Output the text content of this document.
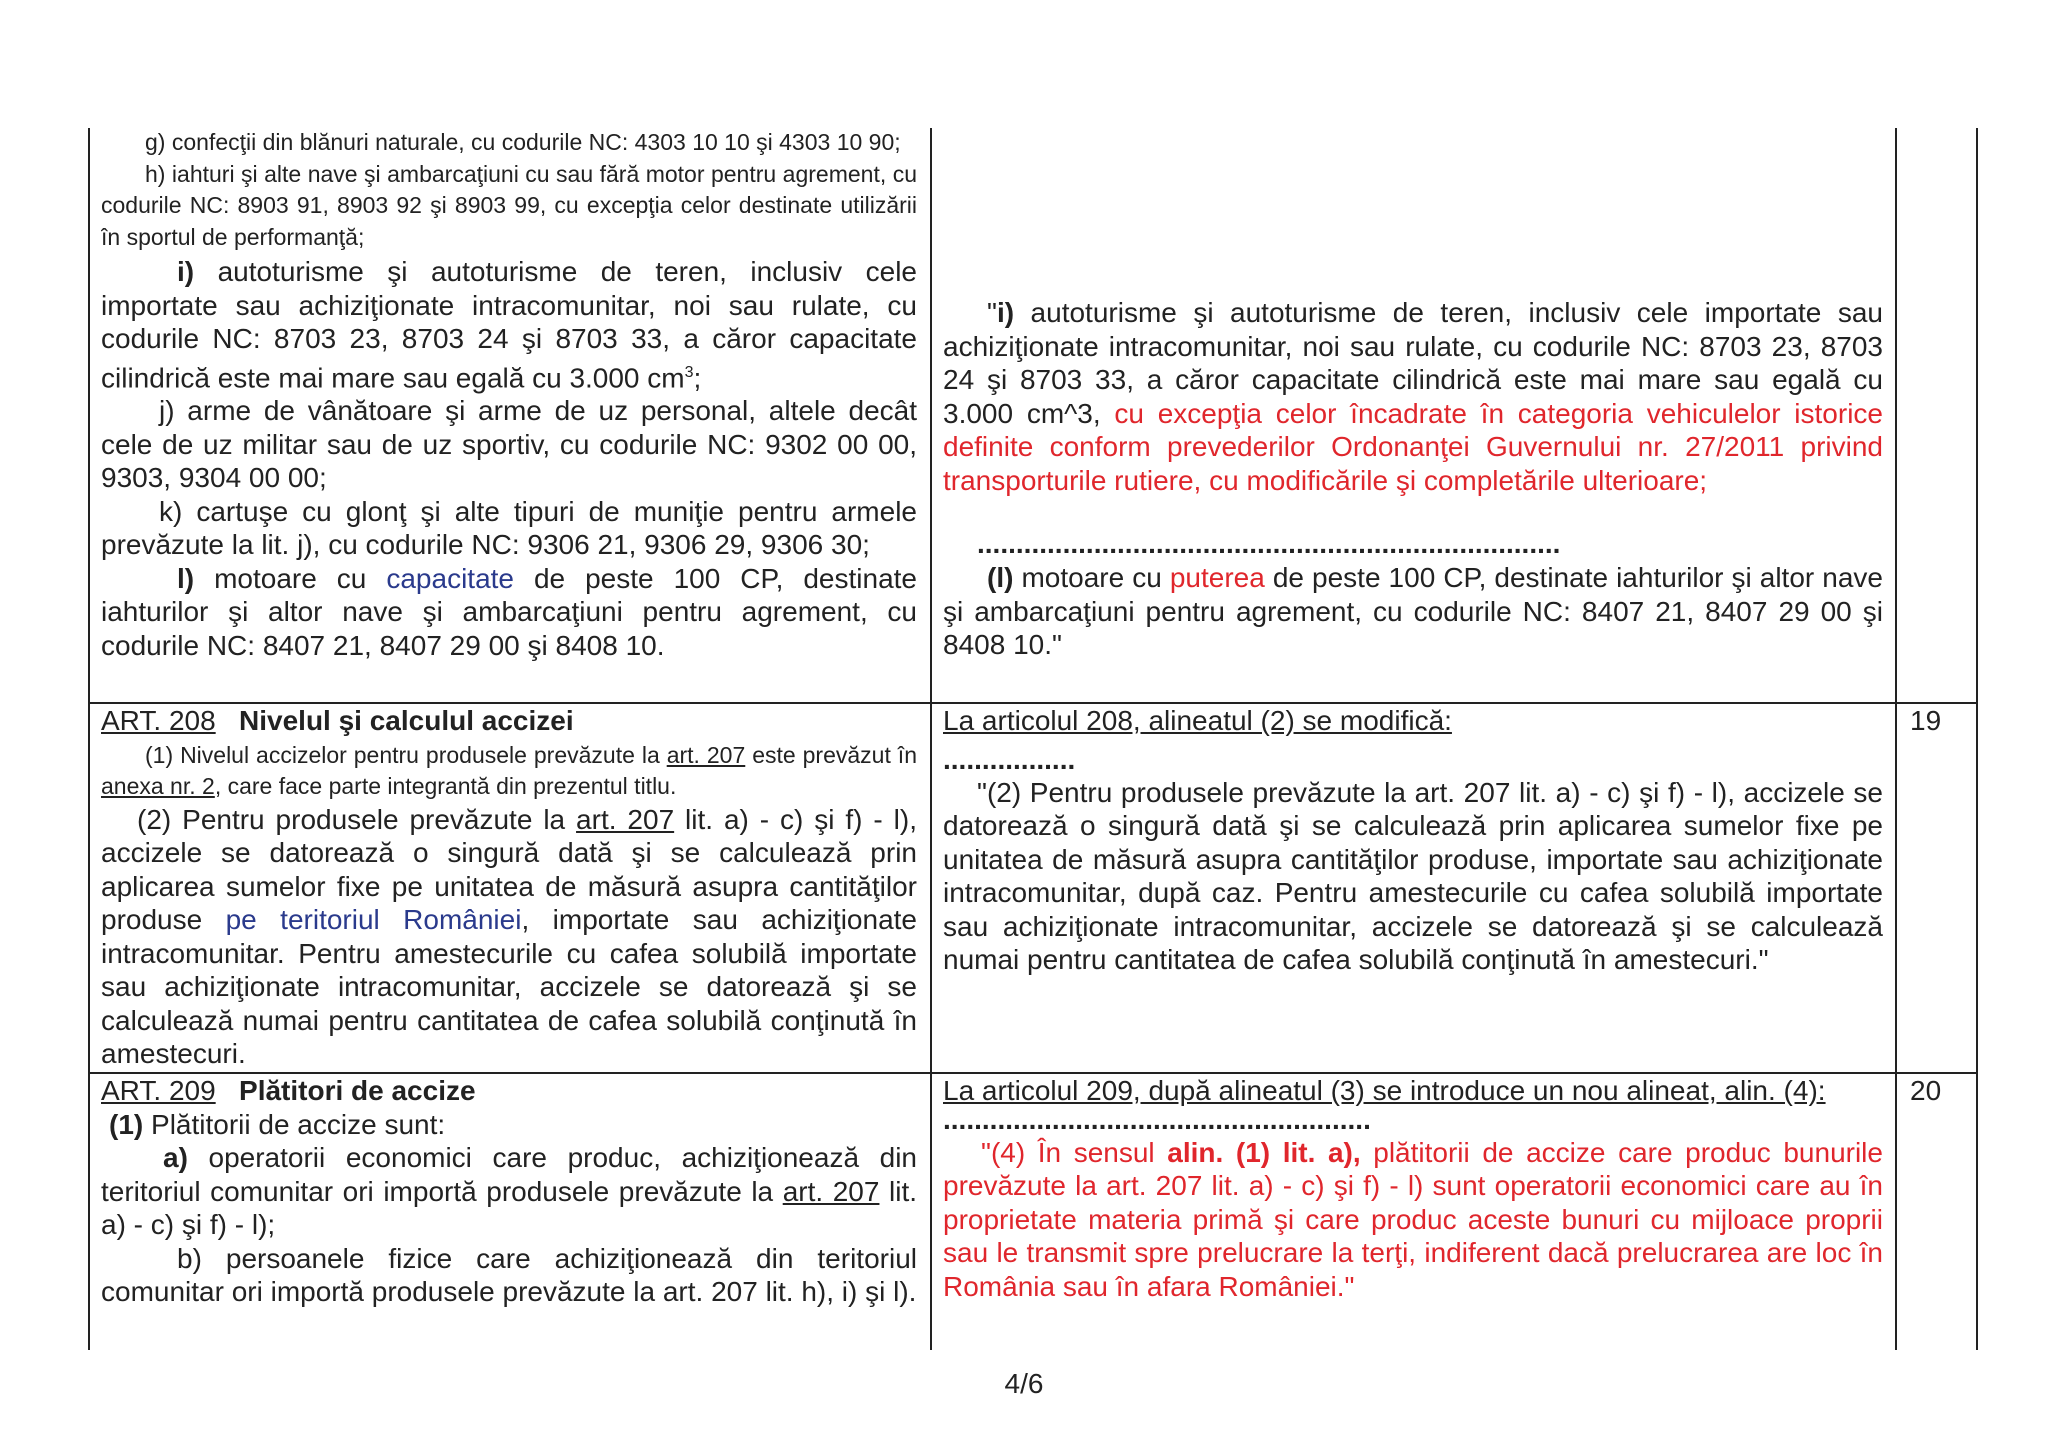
g) confecţii din blănuri naturale, cu codurile NC: 4303 10 10 şi 4303 10 90;
h) iahturi şi alte nave şi ambarcaţiuni cu sau fără motor pentru agrement, cu codurile NC: 8903 91, 8903 92 şi 8903 99, cu excepţia celor destinate utilizării în sportul de performanţă;
i) autoturisme şi autoturisme de teren, inclusiv cele importate sau achiziţionate intracomunitar, noi sau rulate, cu codurile NC: 8703 23, 8703 24 şi 8703 33, a căror capacitate cilindrică este mai mare sau egală cu 3.000 $cm^3$;
j) arme de vânătoare şi arme de uz personal, altele decât cele de uz militar sau de uz sportiv, cu codurile NC: 9302 00 00, 9303, 9304 00 00;
k) cartuşe cu glonţ şi alte tipuri de muniţie pentru armele prevăzute la lit. j), cu codurile NC: 9306 21, 9306 29, 9306 30;
l) motoare cu capacitate de peste 100 CP, destinate iahturilor şi altor nave şi ambarcaţiuni pentru agrement, cu codurile NC: 8407 21, 8407 29 00 şi 8408 10.
"i) autoturisme şi autoturisme de teren, inclusiv cele importate sau achiziţionate intracomunitar, noi sau rulate, cu codurile NC: 8703 23, 8703 24 şi 8703 33, a căror capacitate cilindrică este mai mare sau egală cu 3.000 cm^3, cu excepţia celor încadrate în categoria vehiculelor istorice definite conform prevederilor Ordonanţei Guvernului nr. 27/2011 privind transporturile rutiere, cu modificările şi completările ulterioare;
...........................................................................
(l) motoare cu puterea de peste 100 CP, destinate iahturilor şi altor nave şi ambarcaţiuni pentru agrement, cu codurile NC: 8407 21, 8407 29 00 şi 8408 10."
ART. 208 Nivelul şi calculul accizei
(1) Nivelul accizelor pentru produsele prevăzute la art. 207 este prevăzut în anexa nr. 2, care face parte integrantă din prezentul titlu.
(2) Pentru produsele prevăzute la art. 207 lit. a) - c) şi f) - l), accizele se datorează o singură dată şi se calculează prin aplicarea sumelor fixe pe unitatea de măsură asupra cantităţilor produse pe teritoriul României, importate sau achiziţionate intracomunitar. Pentru amestecurile cu cafea solubilă importate sau achiziţionate intracomunitar, accizele se datorează şi se calculează numai pentru cantitatea de cafea solubilă conţinută în amestecuri.
La articolul 208, alineatul (2) se modifică:
.................
"(2) Pentru produsele prevăzute la art. 207 lit. a) - c) şi f) - l), accizele se datorează o singură dată şi se calculează prin aplicarea sumelor fixe pe unitatea de măsură asupra cantităţilor produse, importate sau achiziţionate intracomunitar, după caz. Pentru amestecurile cu cafea solubilă importate sau achiziţionate intracomunitar, accizele se datorează şi se calculează numai pentru cantitatea de cafea solubilă conţinută în amestecuri."
19
ART. 209 Plătitori de accize
(1) Plătitorii de accize sunt:
a) operatorii economici care produc, achiziţionează din teritoriul comunitar ori importă produsele prevăzute la art. 207 lit. a) - c) şi f) - l);
b) persoanele fizice care achiziţionează din teritoriul comunitar ori importă produsele prevăzute la art. 207 lit. h), i) şi l).
La articolul 209, după alineatul (3) se introduce un nou alineat, alin. (4):
.......................................................
"(4) În sensul alin. (1) lit. a), plătitorii de accize care produc bunurile prevăzute la art. 207 lit. a) - c) şi f) - l) sunt operatorii economici care au în proprietate materia primă şi care produc aceste bunuri cu mijloace proprii sau le transmit spre prelucrare la terţi, indiferent dacă prelucrarea are loc în România sau în afara României."
20
4/6
